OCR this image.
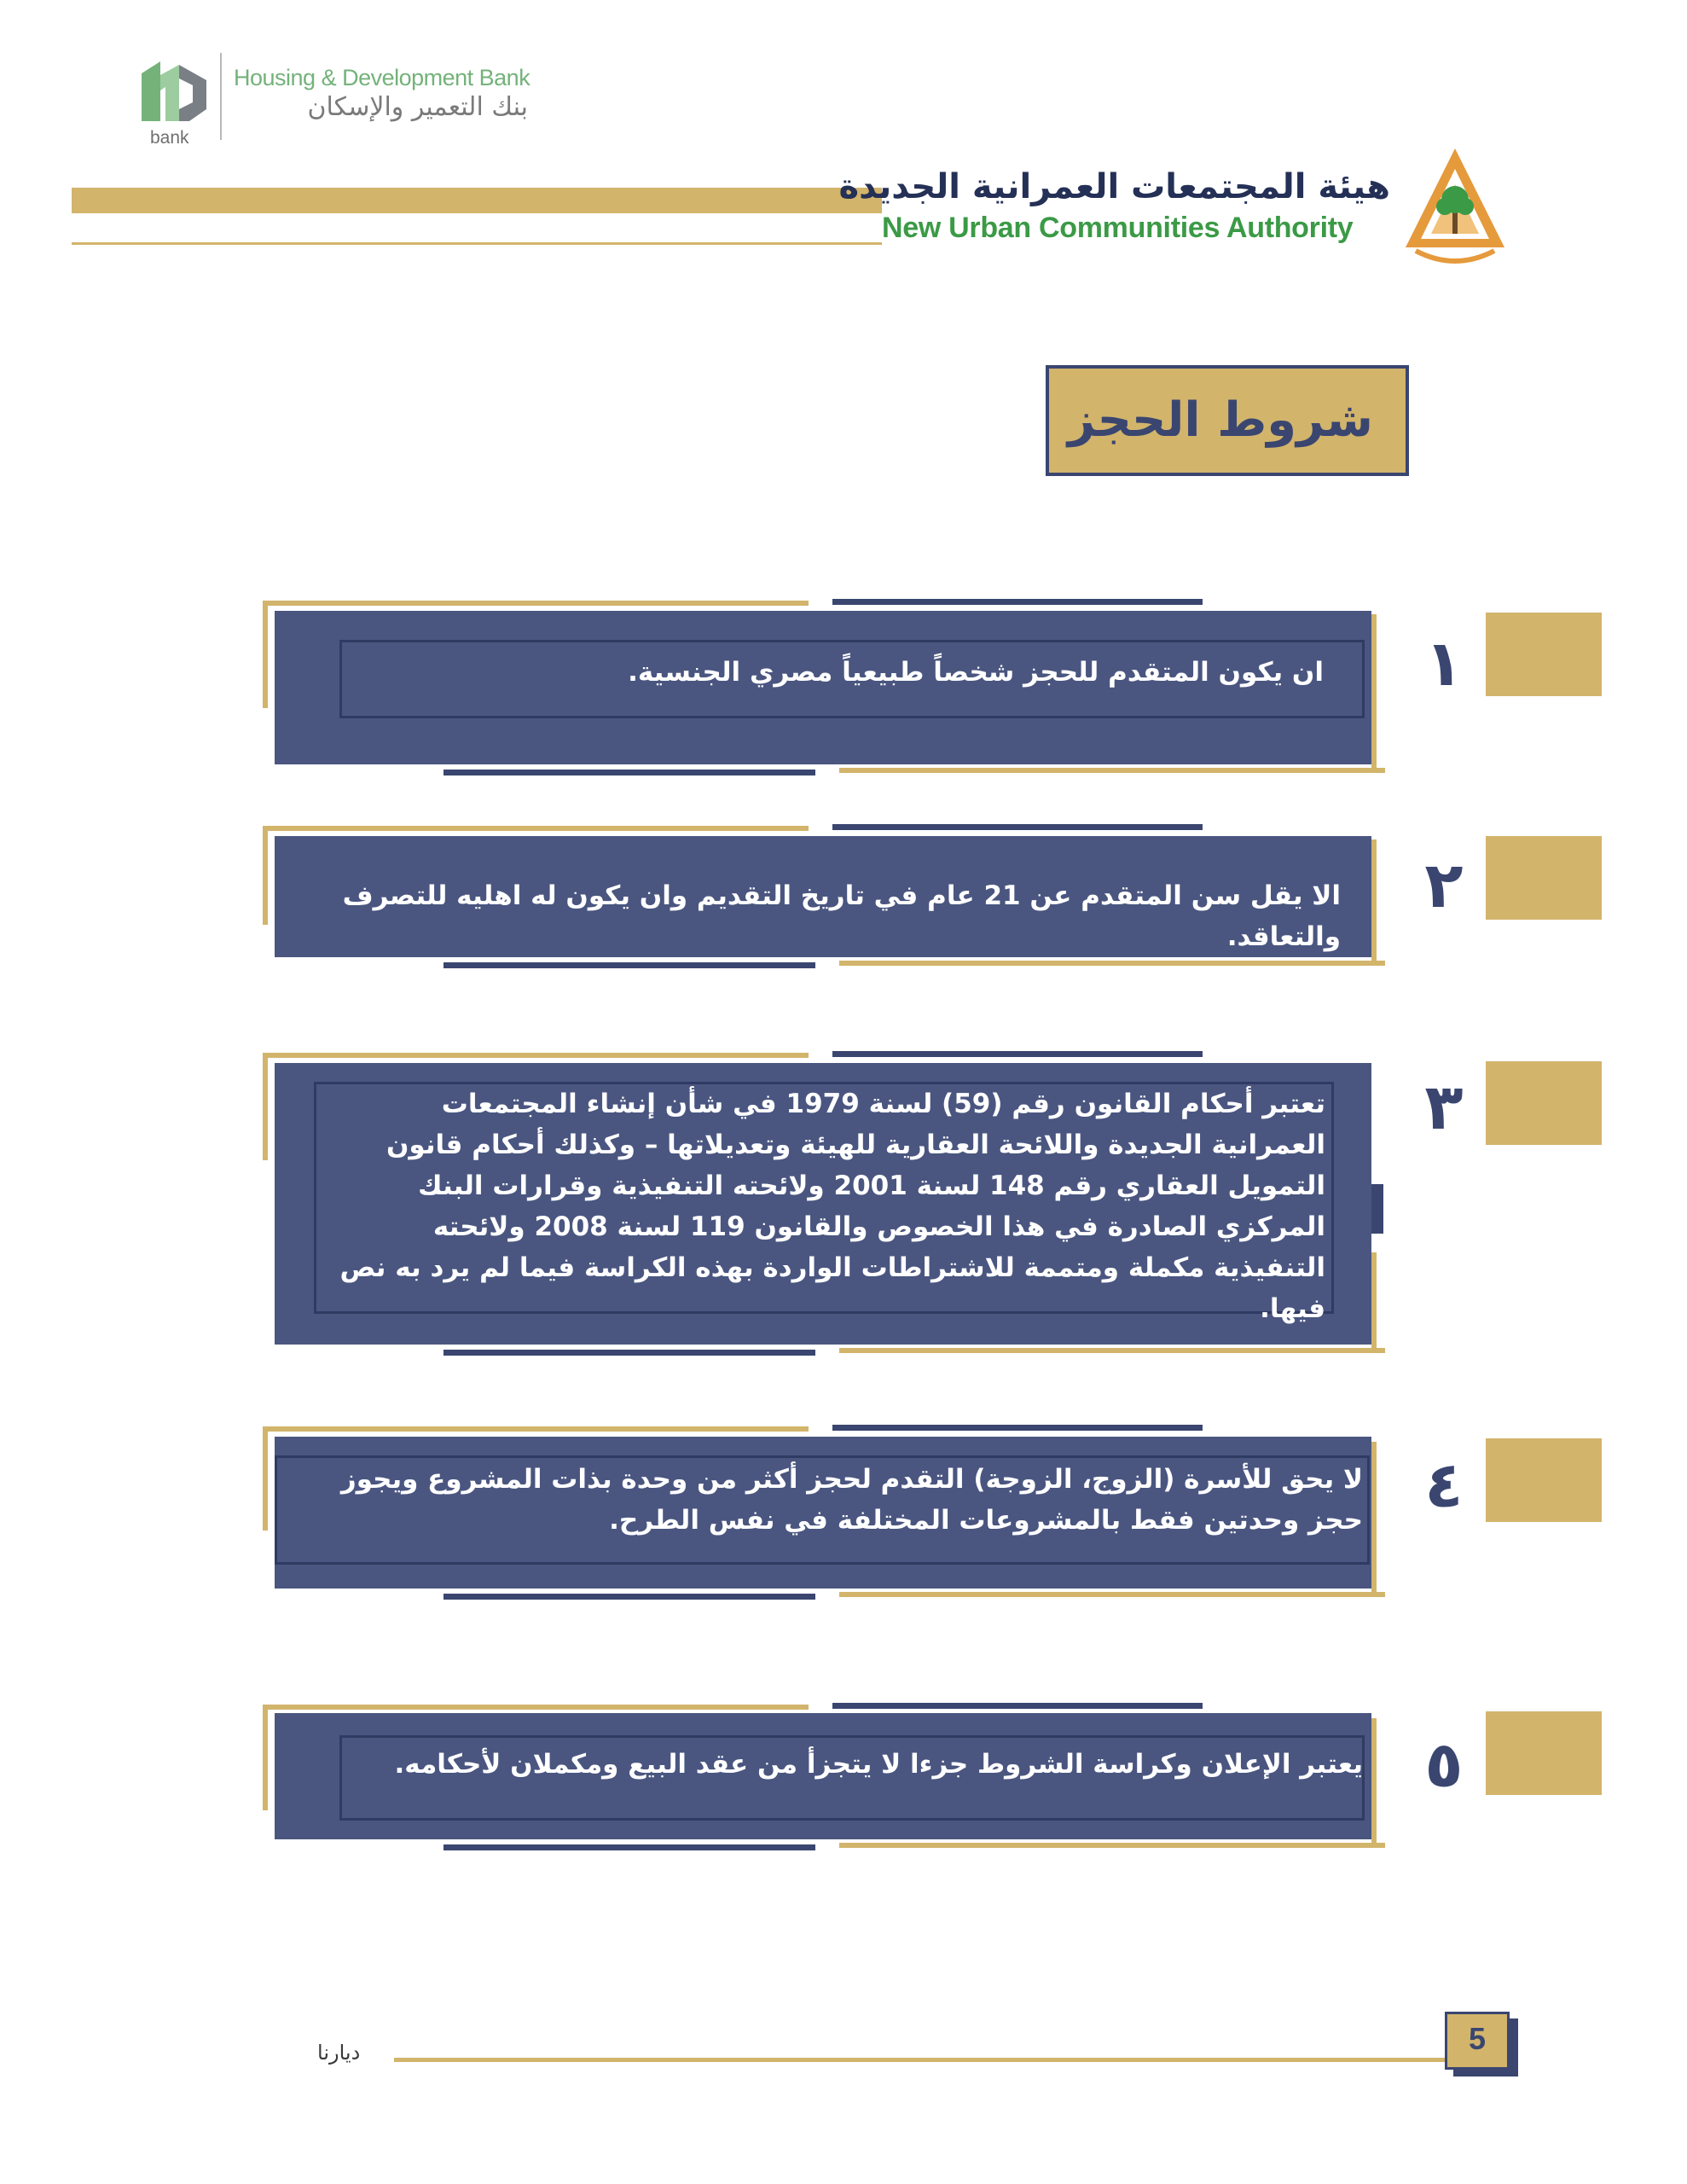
bank
Housing & Development Bank
بنك التعمير والإسكان
هيئة المجتمعات العمرانية الجديدة
New Urban Communities Authority
شروط الحجز
ان يكون المتقدم للحجز شخصاً طبيعياً مصري الجنسية.	١
الا يقل سن المتقدم عن 21 عام في تاريخ التقديم وان يكون له اهليه للتصرف والتعاقد.
٢
تعتبر أحكام القانون رقم (59) لسنة 1979 في شأن إنشاء المجتمعات العمرانية الجديدة واللائحة العقارية للهيئة وتعديلاتها – وكذلك أحكام قانون التمويل العقاري رقم 148 لسنة 2001 ولائحته التنفيذية وقرارات البنك المركزي الصادرة في هذا الخصوص والقانون 119 لسنة 2008 ولائحته التنفيذية مكملة ومتممة للاشتراطات الواردة بهذه الكراسة فيما لم يرد به نص فيها.
٣
لا يحق للأسرة (الزوج، الزوجة) التقدم لحجز أكثر من وحدة بذات المشروع ويجوز حجز وحدتين فقط بالمشروعات المختلفة في نفس الطرح. ٤
يعتبر الإعلان وكراسة الشروط جزءا لا يتجزأ من عقد البيع ومكملان لأحكامه. ٥
ديارنا	5
